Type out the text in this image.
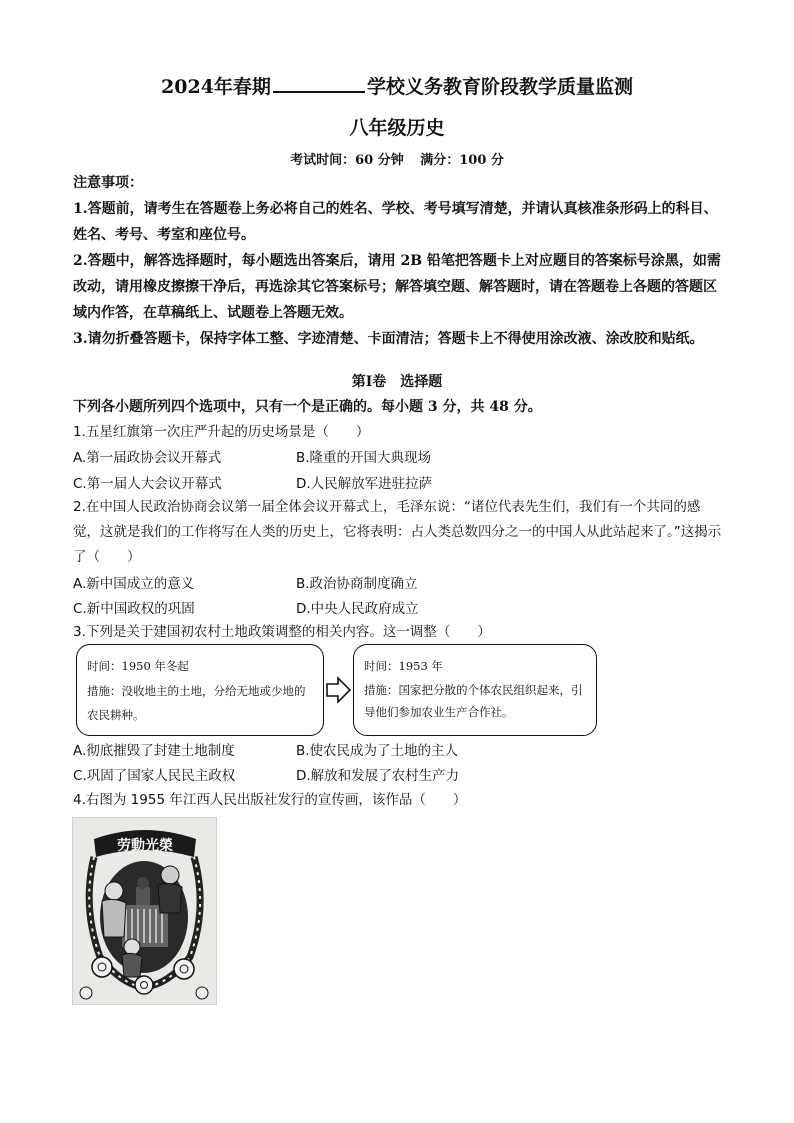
2024年春期	学校义务教育阶段教学质量监测
八年级历史
考试时间：60 分钟 满分：100 分

注意事项：

1.答题前，请考生在答题卷上务必将自己的姓名、学校、考号填写清楚，并请认真核准条形码上的科目、姓名、考号、考室和座位号。

2.答题中，解答选择题时，每小题选出答案后，请用 2B 铅笔把答题卡上对应题目的答案标号涂黑，如需改动，请用橡皮擦擦干净后，再选涂其它答案标号；解答填空题、解答题时，请在答题卷上各题的答题区域内作答，在草稿纸上、试题卷上答题无效。

3.请勿折叠答题卡，保持字体工整、字迹清楚、卡面清洁；答题卡上不得使用涂改液、涂改胶和贴纸。

第Ⅰ卷　选择题
下列各小题所列四个选项中，只有一个是正确的。每小题 3 分，共 48 分。
1.五星红旗第一次庄严升起的历史场景是（　　）
A.第一届政协会议开幕式	B.隆重的开国大典现场
C.第一届人大会议开幕式	D.人民解放军进驻拉萨
2.在中国人民政治协商会议第一届全体会议开幕式上，毛泽东说：“诸位代表先生们，我们有一个共同的感觉，这就是我们的工作将写在人类的历史上，它将表明：占人类总数四分之一的中国人从此站起来了。”这揭示了（　　）
A.新中国成立的意义	B.政治协商制度确立
C.新中国政权的巩固	D.中央人民政府成立
3.下列是关于建国初农村土地政策调整的相关内容。这一调整（　　）
时间：1950 年冬起
措施：没收地主的土地，分给无地或少地的农民耕种。
时间：1953 年
措施：国家把分散的个体农民组织起来，引导他们参加农业生产合作社。
A.彻底摧毁了封建土地制度	B.使农民成为了土地的主人
C.巩固了国家人民民主政权	D.解放和发展了农村生产力
4.右图为 1955 年江西人民出版社发行的宣传画，该作品（　　）
劳動光榮
